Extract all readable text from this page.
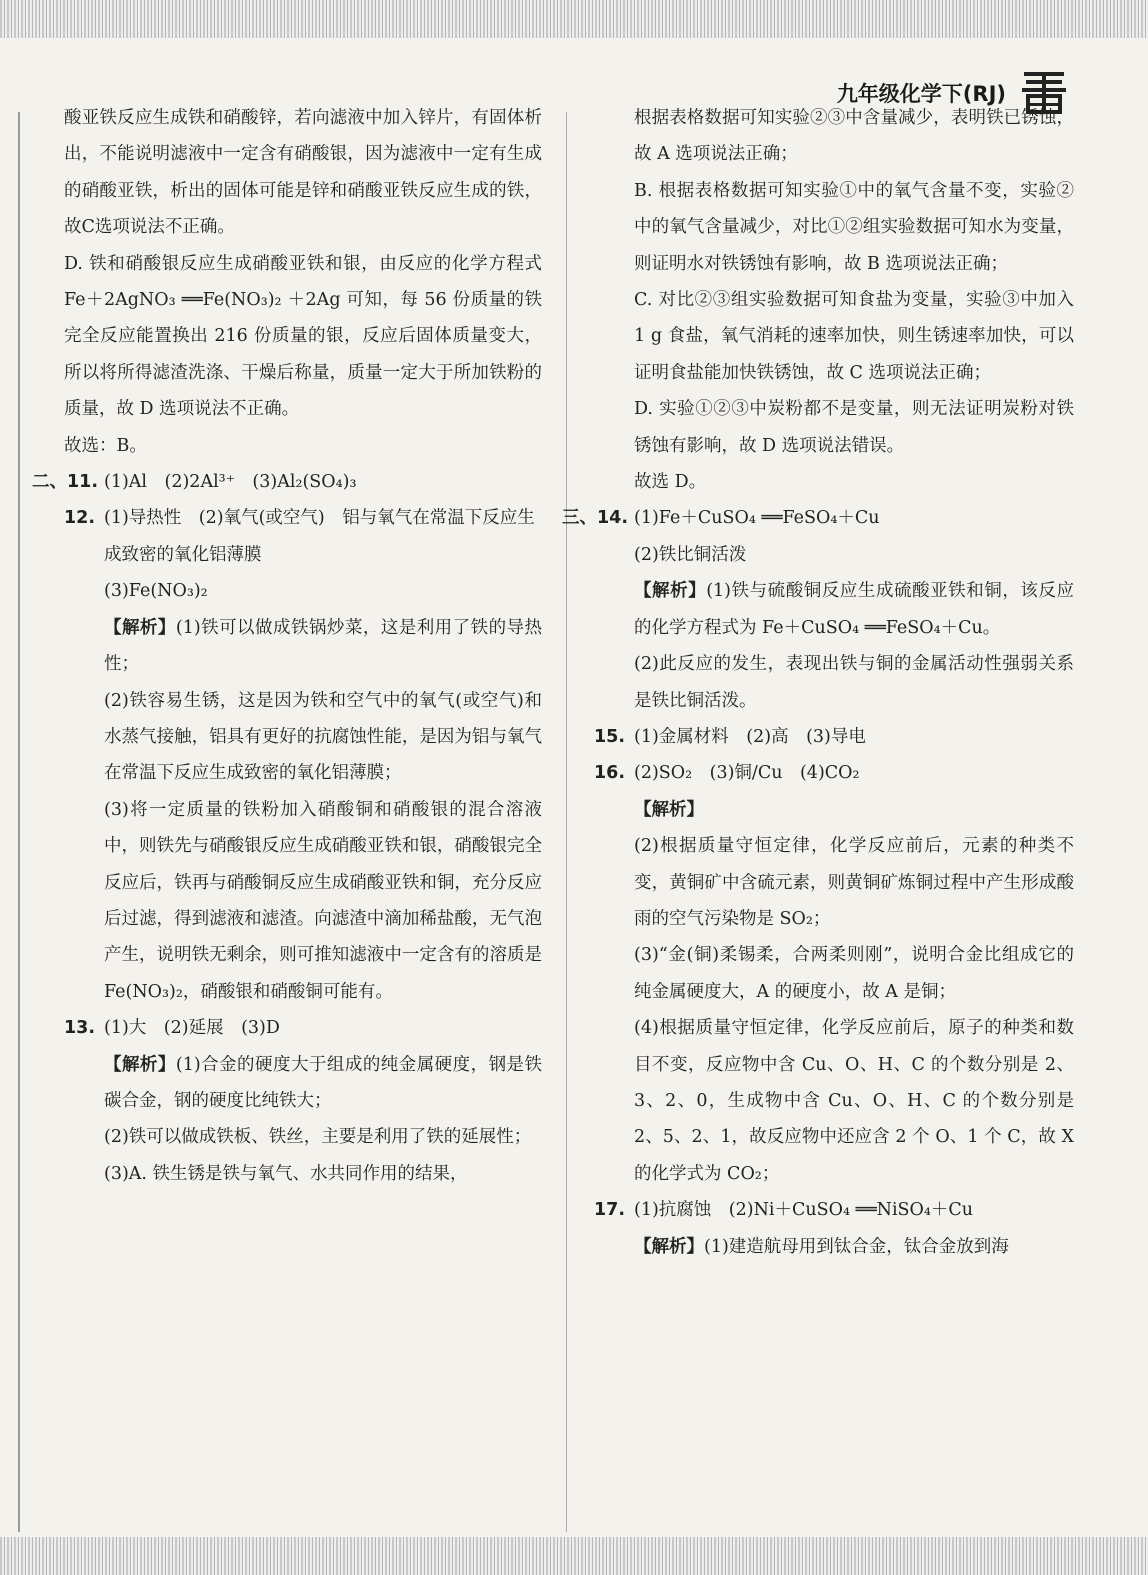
九年级化学下(RJ)

酸亚铁反应生成铁和硝酸锌，若向滤液中加入锌片，有固体析出，不能说明滤液中一定含有硝酸银，因为滤液中一定有生成的硝酸亚铁，析出的固体可能是锌和硝酸亚铁反应生成的铁，故C选项说法不正确。

D. 铁和硝酸银反应生成硝酸亚铁和银，由反应的化学方程式 Fe＋2AgNO₃ ══Fe(NO₃)₂ ＋2Ag 可知，每 56 份质量的铁完全反应能置换出 216 份质量的银，反应后固体质量变大，所以将所得滤渣洗涤、干燥后称量，质量一定大于所加铁粉的质量，故 D 选项说法不正确。

故选：B。

二、11. (1)Al　(2)2Al³⁺　(3)Al₂(SO₄)₃
12. (1)导热性　(2)氧气(或空气)　铝与氧气在常温下反应生成致密的氧化铝薄膜

(3)Fe(NO₃)₂

【解析】(1)铁可以做成铁锅炒菜，这是利用了铁的导热性；

(2)铁容易生锈，这是因为铁和空气中的氧气(或空气)和水蒸气接触，铝具有更好的抗腐蚀性能，是因为铝与氧气在常温下反应生成致密的氧化铝薄膜；

(3)将一定质量的铁粉加入硝酸铜和硝酸银的混合溶液中，则铁先与硝酸银反应生成硝酸亚铁和银，硝酸银完全反应后，铁再与硝酸铜反应生成硝酸亚铁和铜，充分反应后过滤，得到滤液和滤渣。向滤渣中滴加稀盐酸，无气泡产生，说明铁无剩余，则可推知滤液中一定含有的溶质是 Fe(NO₃)₂，硝酸银和硝酸铜可能有。

13. (1)大　(2)延展　(3)D

【解析】(1)合金的硬度大于组成的纯金属硬度，钢是铁碳合金，钢的硬度比纯铁大；

(2)铁可以做成铁板、铁丝，主要是利用了铁的延展性；

(3)A. 铁生锈是铁与氧气、水共同作用的结果，

根据表格数据可知实验②③中含量减少，表明铁已锈蚀，故 A 选项说法正确；

B. 根据表格数据可知实验①中的氧气含量不变，实验②中的氧气含量减少，对比①②组实验数据可知水为变量，则证明水对铁锈蚀有影响，故 B 选项说法正确；

C. 对比②③组实验数据可知食盐为变量，实验③中加入 1 g 食盐，氧气消耗的速率加快，则生锈速率加快，可以证明食盐能加快铁锈蚀，故 C 选项说法正确；

D. 实验①②③中炭粉都不是变量，则无法证明炭粉对铁锈蚀有影响，故 D 选项说法错误。

故选 D。

三、14. (1)Fe＋CuSO₄ ══FeSO₄＋Cu

(2)铁比铜活泼

【解析】(1)铁与硫酸铜反应生成硫酸亚铁和铜，该反应的化学方程式为 Fe＋CuSO₄ ══FeSO₄＋Cu。

(2)此反应的发生，表现出铁与铜的金属活动性强弱关系是铁比铜活泼。

15. (1)金属材料　(2)高　(3)导电
16. (2)SO₂　(3)铜/Cu　(4)CO₂

【解析】

(2)根据质量守恒定律，化学反应前后，元素的种类不变，黄铜矿中含硫元素，则黄铜矿炼铜过程中产生形成酸雨的空气污染物是 SO₂；

(3)“金(铜)柔锡柔，合两柔则刚”，说明合金比组成它的纯金属硬度大，A 的硬度小，故 A 是铜；

(4)根据质量守恒定律，化学反应前后，原子的种类和数目不变，反应物中含 Cu、O、H、C 的个数分别是 2、3、2、0，生成物中含 Cu、O、H、C 的个数分别是 2、5、2、1，故反应物中还应含 2 个 O、1 个 C，故 X 的化学式为 CO₂；

17. (1)抗腐蚀　(2)Ni＋CuSO₄ ══NiSO₄＋Cu

【解析】(1)建造航母用到钛合金，钛合金放到海
